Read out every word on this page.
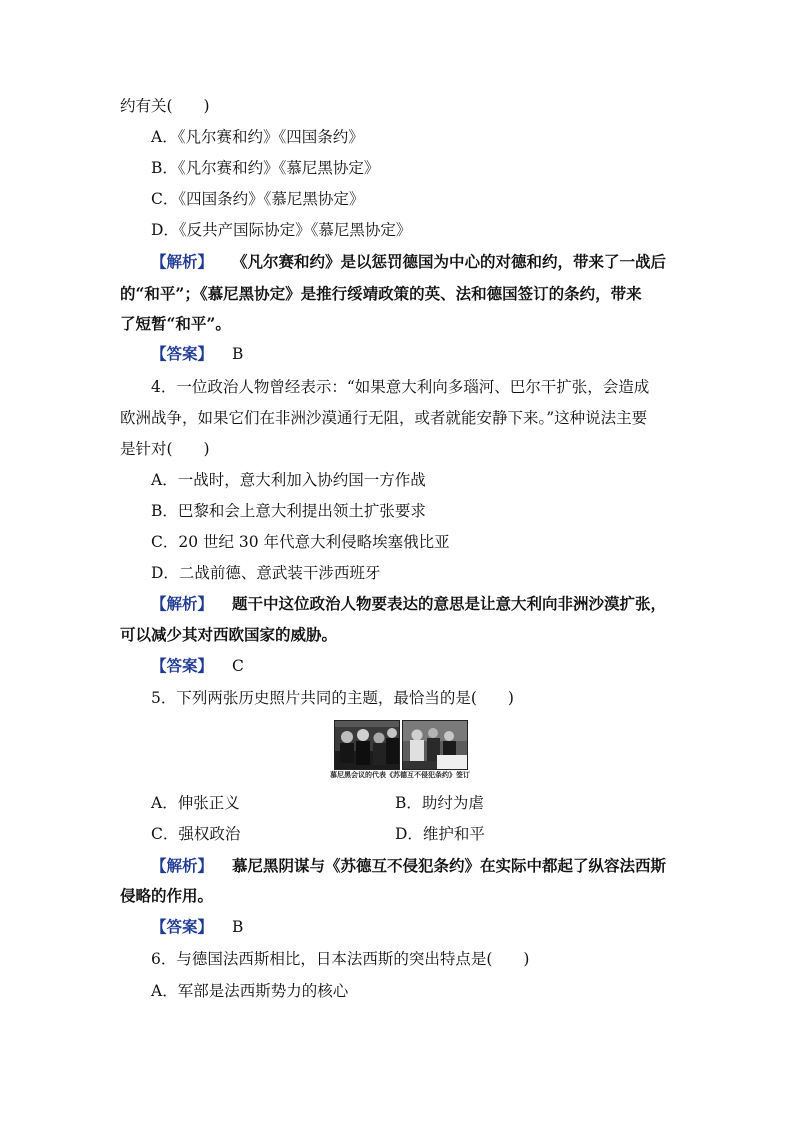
约有关(　　)
A．《凡尔赛和约》《四国条约》
B．《凡尔赛和约》《慕尼黑协定》
C．《四国条约》《慕尼黑协定》
D．《反共产国际协定》《慕尼黑协定》
【解析】 《凡尔赛和约》是以惩罚德国为中心的对德和约，带来了一战后
的“和平”；《慕尼黑协定》是推行绥靖政策的英、法和德国签订的条约，带来
了短暂“和平”。
【答案】 B
4．一位政治人物曾经表示：“如果意大利向多瑙河、巴尔干扩张，会造成
欧洲战争，如果它们在非洲沙漠通行无阻，或者就能安静下来。”这种说法主要
是针对(　　)
A．一战时，意大利加入协约国一方作战
B．巴黎和会上意大利提出领土扩张要求
C．20 世纪 30 年代意大利侵略埃塞俄比亚
D．二战前德、意武装干涉西班牙
【解析】 题干中这位政治人物要表达的意思是让意大利向非洲沙漠扩张，
可以减少其对西欧国家的威胁。
【答案】 C
5．下列两张历史照片共同的主题，最恰当的是(　　)
慕尼黑会议的代表《苏德互不侵犯条约》签订
A．伸张正义	B．助纣为虐
C．强权政治	D．维护和平
【解析】 慕尼黑阴谋与《苏德互不侵犯条约》在实际中都起了纵容法西斯
侵略的作用。
【答案】 B
6．与德国法西斯相比，日本法西斯的突出特点是(　　)
A．军部是法西斯势力的核心
